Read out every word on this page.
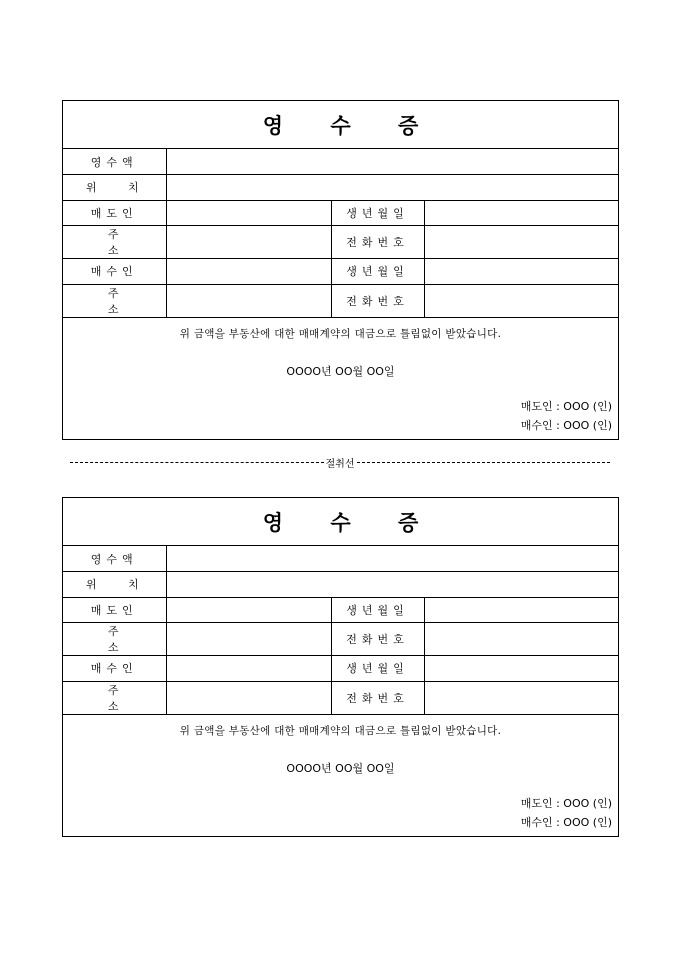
영 수 증
영수액			
위 치			
매도인		생년월일	
주 소		전화번호	
매수인		생년월일	
주 소		전화번호	
위 금액을 부동산에 대한 매매계약의 대금으로 틀림없이 받았습니다.
OOOO년 OO월 OO일
매도인 : OOO (인)
매수인 : OOO (인)
절취선
영 수 증
영수액			
위 치			
매도인		생년월일	
주 소		전화번호	
매수인		생년월일	
주 소		전화번호	
위 금액을 부동산에 대한 매매계약의 대금으로 틀림없이 받았습니다.
OOOO년 OO월 OO일
매도인 : OOO (인)
매수인 : OOO (인)
